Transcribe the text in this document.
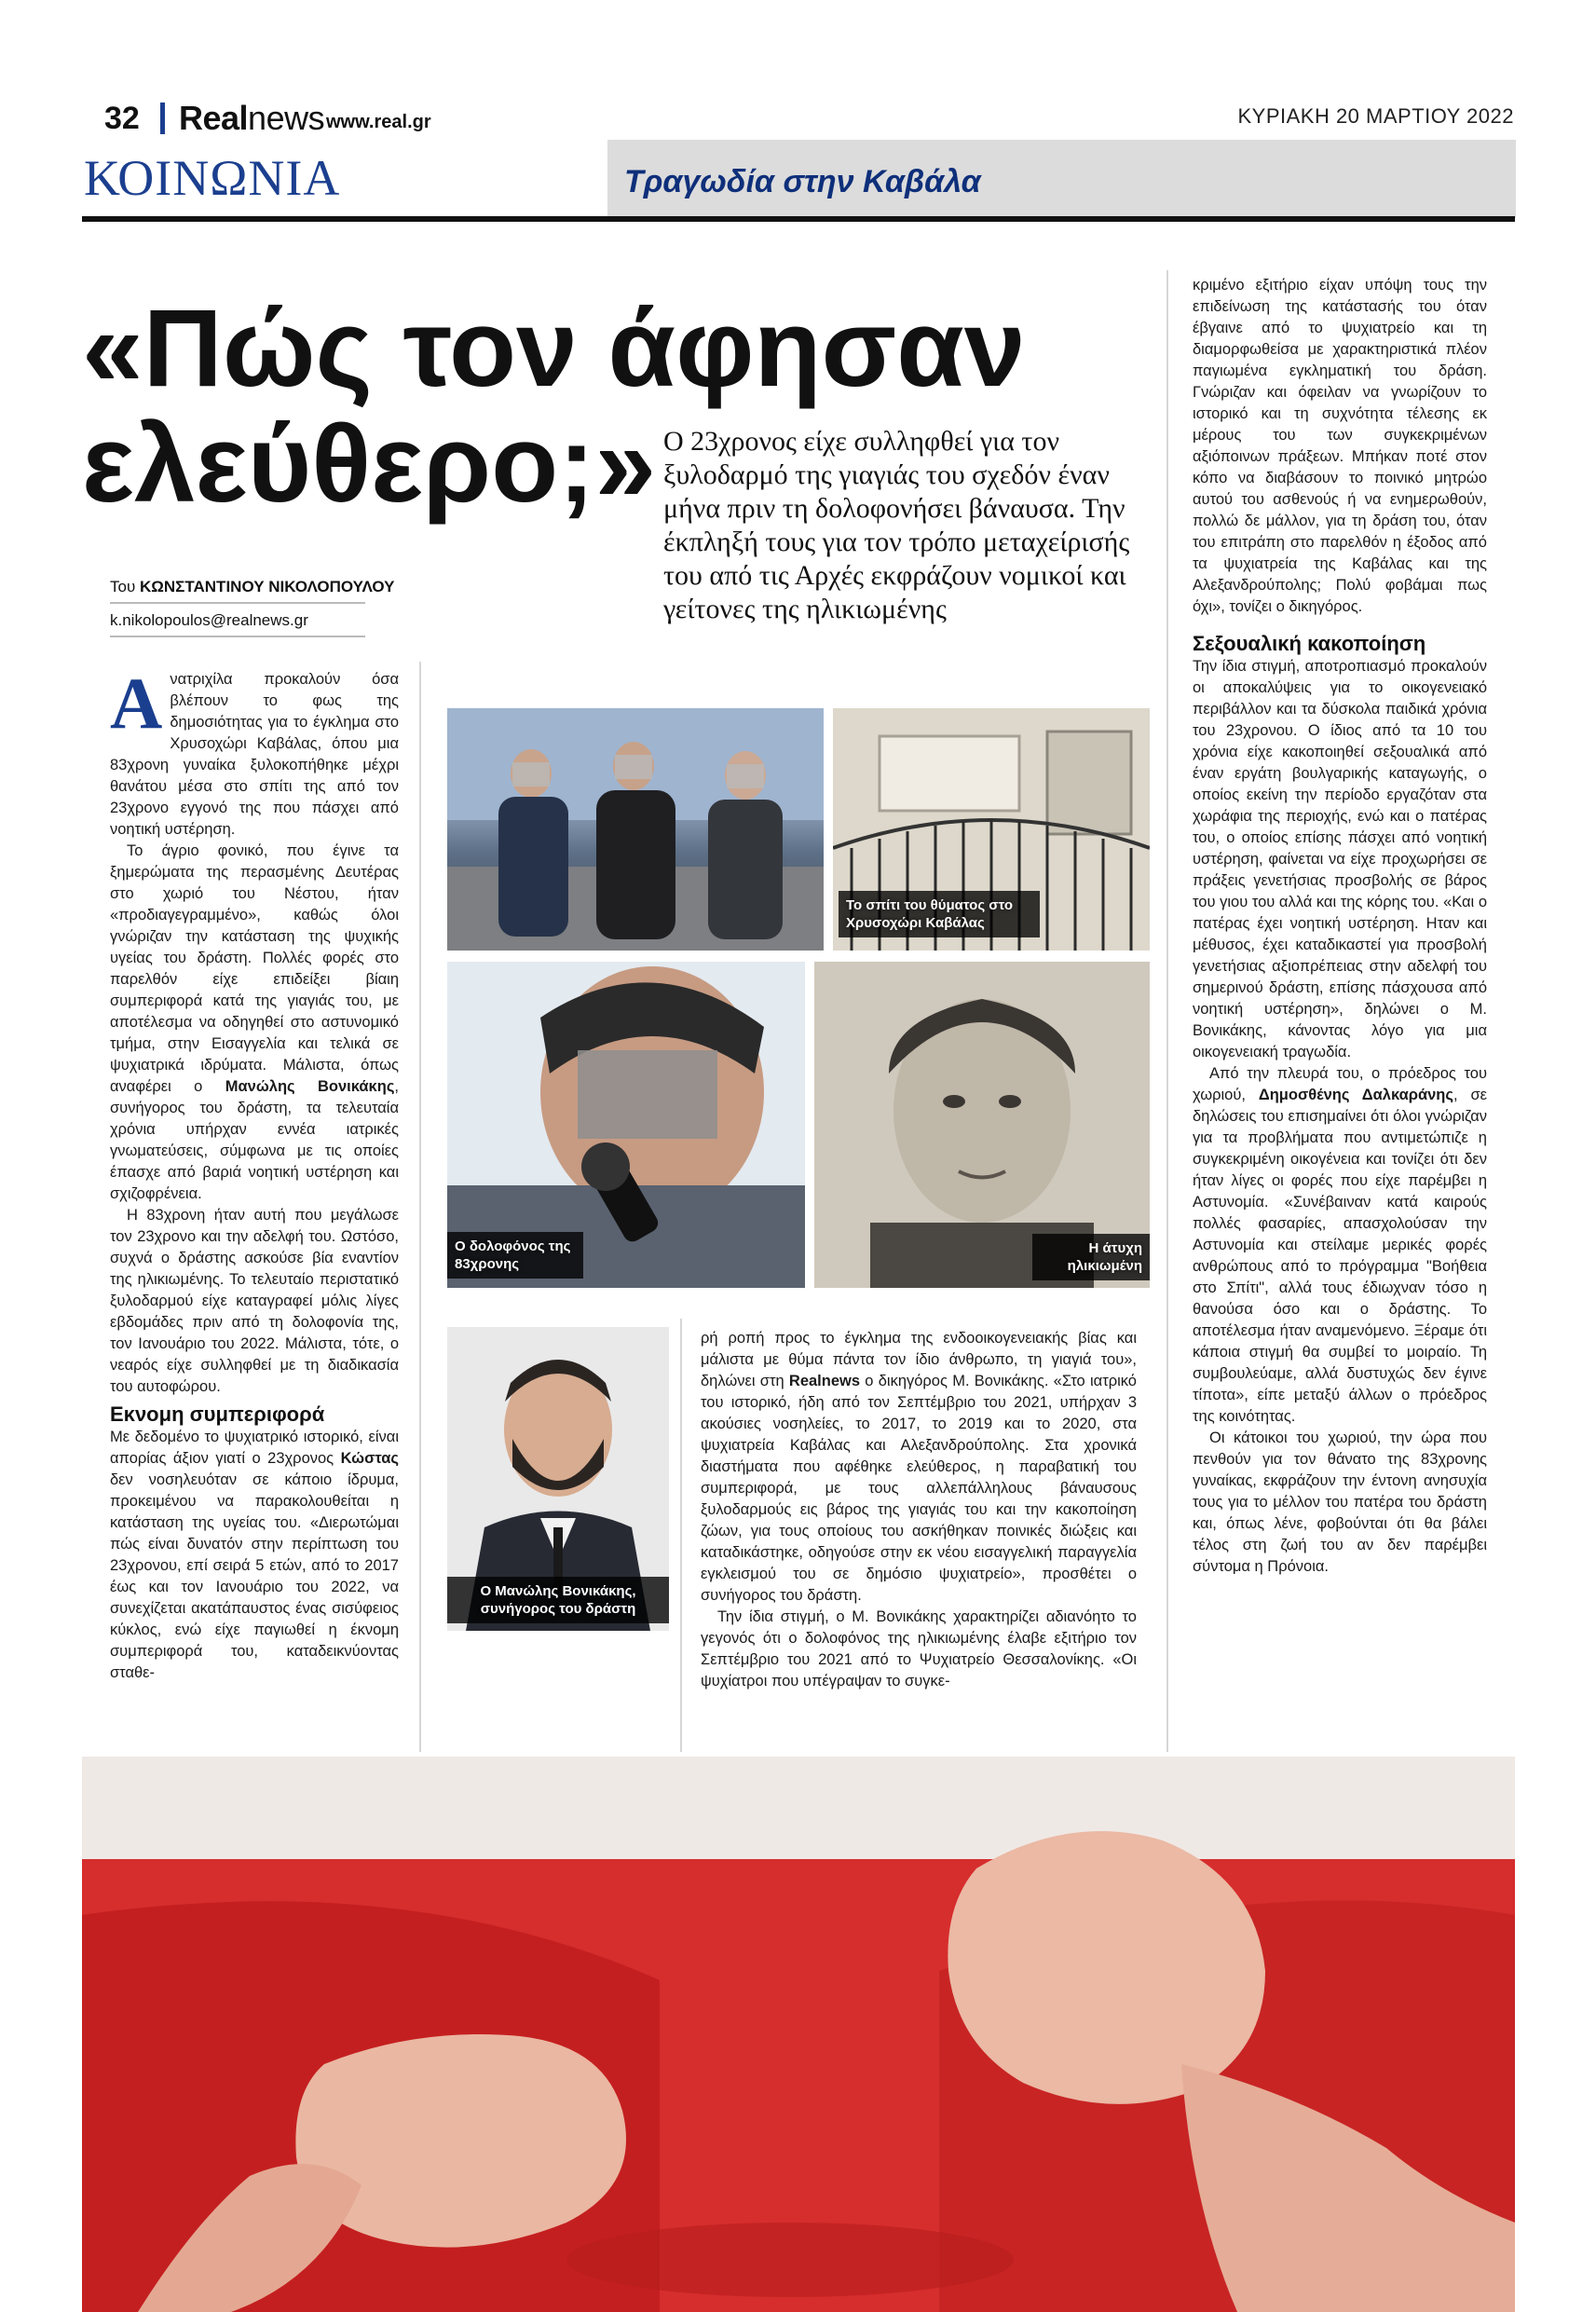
32 Realnews www.real.gr	ΚΥΡΙΑΚΗ 20 ΜΑΡΤΙΟΥ 2022
ΚΟΙΝΩΝΙΑ	Τραγωδία στην Καβάλα
«Πώς τον άφησαν
ελεύθερο;» Ο 23χρονος είχε συλληφθεί για τον ξυλοδαρμό της γιαγιάς του σχεδόν έναν μήνα πριν τη δολοφονήσει βάναυσα. Την έκπληξή τους για τον τρόπο μεταχείρισής του από τις Αρχές εκφράζουν νομικοί και γείτονες της ηλικιωμένης
Του ΚΩΝΣΤΑΝΤΙΝΟΥ ΝΙΚΟΛΟΠΟΥΛΟΥ
k.nikolopoulos@realnews.gr

Ανατριχίλα προκαλούν όσα βλέπουν το φως της δημοσιότητας για το έγκλημα στο Χρυσοχώρι Καβάλας, όπου μια 83χρονη γυναίκα ξυλοκοπήθηκε μέχρι θανάτου μέσα στο σπίτι της από τον 23χρονο εγγονό της που πάσχει από νοητική υστέρηση.

Το άγριο φονικό, που έγινε τα ξημερώματα της περασμένης Δευτέρας στο χωριό του Νέστου, ήταν «προδιαγεγραμμένο», καθώς όλοι γνώριζαν την κατάσταση της ψυχικής υγείας του δράστη. Πολλές φορές στο παρελθόν είχε επιδείξει βίαιη συμπεριφορά κατά της γιαγιάς του, με αποτέλεσμα να οδηγηθεί στο αστυνομικό τμήμα, στην Εισαγγελία και τελικά σε ψυχιατρικά ιδρύματα. Μάλιστα, όπως αναφέρει ο Μανώλης Βονικάκης, συνήγορος του δράστη, τα τελευταία χρόνια υπήρχαν εννέα ιατρικές γνωματεύσεις, σύμφωνα με τις οποίες έπασχε από βαριά νοητική υστέρηση και σχιζοφρένεια.

Η 83χρονη ήταν αυτή που μεγάλωσε τον 23χρονο και την αδελφή του. Ωστόσο, συχνά ο δράστης ασκούσε βία εναντίον της ηλικιωμένης. Το τελευταίο περιστατικό ξυλοδαρμού είχε καταγραφεί μόλις λίγες εβδομάδες πριν από τη δολοφονία της, τον Ιανουάριο του 2022. Μάλιστα, τότε, ο νεαρός είχε συλληφθεί με τη διαδικασία του αυτοφώρου.

Εκνομη συμπεριφορά

Με δεδομένο το ψυχιατρικό ιστορικό, είναι απορίας άξιον γιατί ο 23χρονος Κώστας δεν νοσηλευόταν σε κάποιο ίδρυμα, προκειμένου να παρακολουθείται η κατάσταση της υγείας του. «Διερωτώμαι πώς είναι δυνατόν στην περίπτωση του 23χρονου, επί σειρά 5 ετών, από το 2017 έως και τον Ιανουάριο του 2022, να συνεχίζεται ακατάπαυστος ένας σισύφειος κύκλος, ενώ είχε παγιωθεί η έκνομη συμπεριφορά του, καταδεικνύοντας σταθε-

Το σπίτι του θύματος στο Χρυσοχώρι Καβάλας
Ο δολοφόνος της 83χρονης
Η άτυχη ηλικιωμένη
Ο Μανώλης Βονικάκης, συνήγορος του δράστη

ρή ροπή προς το έγκλημα της ενδοοικογενειακής βίας και μάλιστα με θύμα πάντα τον ίδιο άνθρωπο, τη γιαγιά του», δηλώνει στη Realnews ο δικηγόρος Μ. Βονικάκης. «Στο ιατρικό του ιστορικό, ήδη από τον Σεπτέμβριο του 2021, υπήρχαν 3 ακούσιες νοσηλείες, το 2017, το 2019 και το 2020, στα ψυχιατρεία Καβάλας και Αλεξανδρούπολης. Στα χρονικά διαστήματα που αφέθηκε ελεύθερος, η παραβατική του συμπεριφορά, με τους αλλεπάλληλους βάναυσους ξυλοδαρμούς εις βάρος της γιαγιάς του και την κακοποίηση ζώων, για τους οποίους του ασκήθηκαν ποινικές διώξεις και καταδικάστηκε, οδηγούσε στην εκ νέου εισαγγελική παραγγελία εγκλεισμού του σε δημόσιο ψυχιατρείο», προσθέτει ο συνήγορος του δράστη.

Την ίδια στιγμή, ο Μ. Βονικάκης χαρακτηρίζει αδιανόητο το γεγονός ότι ο δολοφόνος της ηλικιωμένης έλαβε εξιτήριο τον Σεπτέμβριο του 2021 από το Ψυχιατρείο Θεσσαλονίκης. «Οι ψυχίατροι που υπέγραψαν το συγκε-

κριμένο εξιτήριο είχαν υπόψη τους την επιδείνωση της κατάστασής του όταν έβγαινε από το ψυχιατρείο και τη διαμορφωθείσα με χαρακτηριστικά πλέον παγιωμένα εγκληματική του δράση. Γνώριζαν και όφειλαν να γνωρίζουν το ιστορικό και τη συχνότητα τέλεσης εκ μέρους του των συγκεκριμένων αξιόποινων πράξεων. Μπήκαν ποτέ στον κόπο να διαβάσουν το ποινικό μητρώο αυτού του ασθενούς ή να ενημερωθούν, πολλώ δε μάλλον, για τη δράση του, όταν του επιτράπη στο παρελθόν η έξοδος από τα ψυχιατρεία της Καβάλας και της Αλεξανδρούπολης; Πολύ φοβάμαι πως όχι», τονίζει ο δικηγόρος.

Σεξουαλική κακοποίηση

Την ίδια στιγμή, αποτροπιασμό προκαλούν οι αποκαλύψεις για το οικογενειακό περιβάλλον και τα δύσκολα παιδικά χρόνια του 23χρονου. Ο ίδιος από τα 10 του χρόνια είχε κακοποιηθεί σεξουαλικά από έναν εργάτη βουλγαρικής καταγωγής, ο οποίος εκείνη την περίοδο εργαζόταν στα χωράφια της περιοχής, ενώ και ο πατέρας του, ο οποίος επίσης πάσχει από νοητική υστέρηση, φαίνεται να είχε προχωρήσει σε πράξεις γενετήσιας προσβολής σε βάρος του γιου του αλλά και της κόρης του. «Και ο πατέρας έχει νοητική υστέρηση. Ηταν και μέθυσος, έχει καταδικαστεί για προσβολή γενετήσιας αξιοπρέπειας στην αδελφή του σημερινού δράστη, επίσης πάσχουσα από νοητική υστέρηση», δηλώνει ο Μ. Βονικάκης, κάνοντας λόγο για μια οικογενειακή τραγωδία.

Από την πλευρά του, ο πρόεδρος του χωριού, Δημοσθένης Δαλκαράνης, σε δηλώσεις του επισημαίνει ότι όλοι γνώριζαν για τα προβλήματα που αντιμετώπιζε η συγκεκριμένη οικογένεια και τονίζει ότι δεν ήταν λίγες οι φορές που είχε παρέμβει η Αστυνομία. «Συνέβαιναν κατά καιρούς πολλές φασαρίες, απασχολούσαν την Αστυνομία και στείλαμε μερικές φορές ανθρώπους από το πρόγραμμα "Βοήθεια στο Σπίτι", αλλά τους έδιωχναν τόσο η θανούσα όσο και ο δράστης. Το αποτέλεσμα ήταν αναμενόμενο. Ξέραμε ότι κάποια στιγμή θα συμβεί το μοιραίο. Τη συμβουλεύαμε, αλλά δυστυχώς δεν έγινε τίποτα», είπε μεταξύ άλλων ο πρόεδρος της κοινότητας.

Οι κάτοικοι του χωριού, την ώρα που πενθούν για τον θάνατο της 83χρονης γυναίκας, εκφράζουν την έντονη ανησυχία τους για το μέλλον του πατέρα του δράστη και, όπως λένε, φοβούνται ότι θα βάλει τέλος στη ζωή του αν δεν παρέμβει σύντομα η Πρόνοια.
